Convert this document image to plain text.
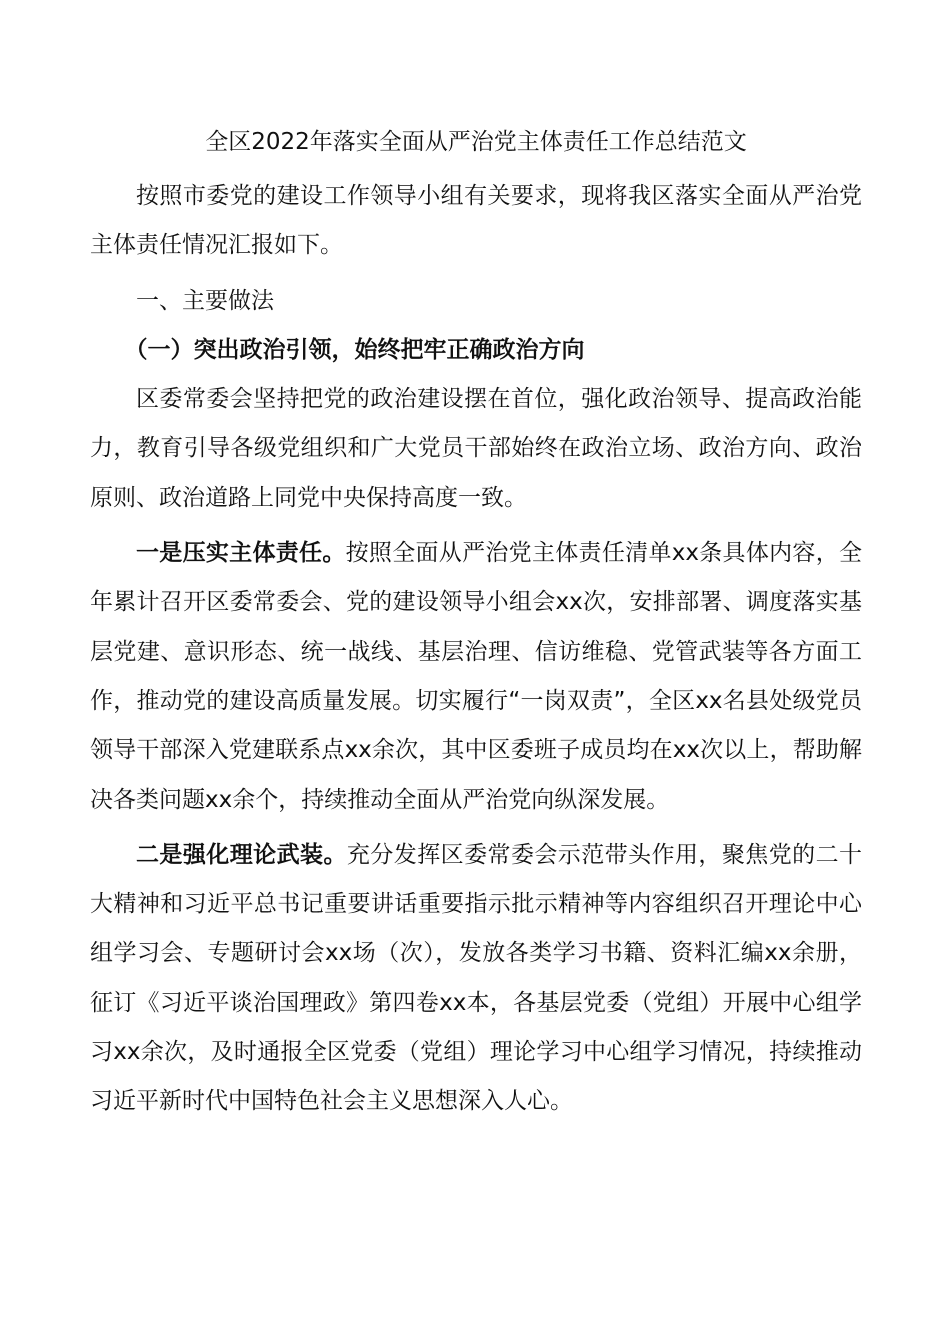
全区2022年落实全面从严治党主体责任工作总结范文

按照市委党的建设工作领导小组有关要求，现将我区落实全面从严治党主体责任情况汇报如下。

一、主要做法

（一）突出政治引领，始终把牢正确政治方向

区委常委会坚持把党的政治建设摆在首位，强化政治领导、提高政治能力，教育引导各级党组织和广大党员干部始终在政治立场、政治方向、政治原则、政治道路上同党中央保持高度一致。

一是压实主体责任。按照全面从严治党主体责任清单xx条具体内容，全年累计召开区委常委会、党的建设领导小组会xx次，安排部署、调度落实基层党建、意识形态、统一战线、基层治理、信访维稳、党管武装等各方面工作，推动党的建设高质量发展。切实履行“一岗双责”，全区xx名县处级党员领导干部深入党建联系点xx余次，其中区委班子成员均在xx次以上，帮助解决各类问题xx余个，持续推动全面从严治党向纵深发展。

二是强化理论武装。充分发挥区委常委会示范带头作用，聚焦党的二十大精神和习近平总书记重要讲话重要指示批示精神等内容组织召开理论中心组学习会、专题研讨会xx场（次），发放各类学习书籍、资料汇编xx余册，征订《习近平谈治国理政》第四卷xx本，各基层党委（党组）开展中心组学习xx余次，及时通报全区党委（党组）理论学习中心组学习情况，持续推动习近平新时代中国特色社会主义思想深入人心。
